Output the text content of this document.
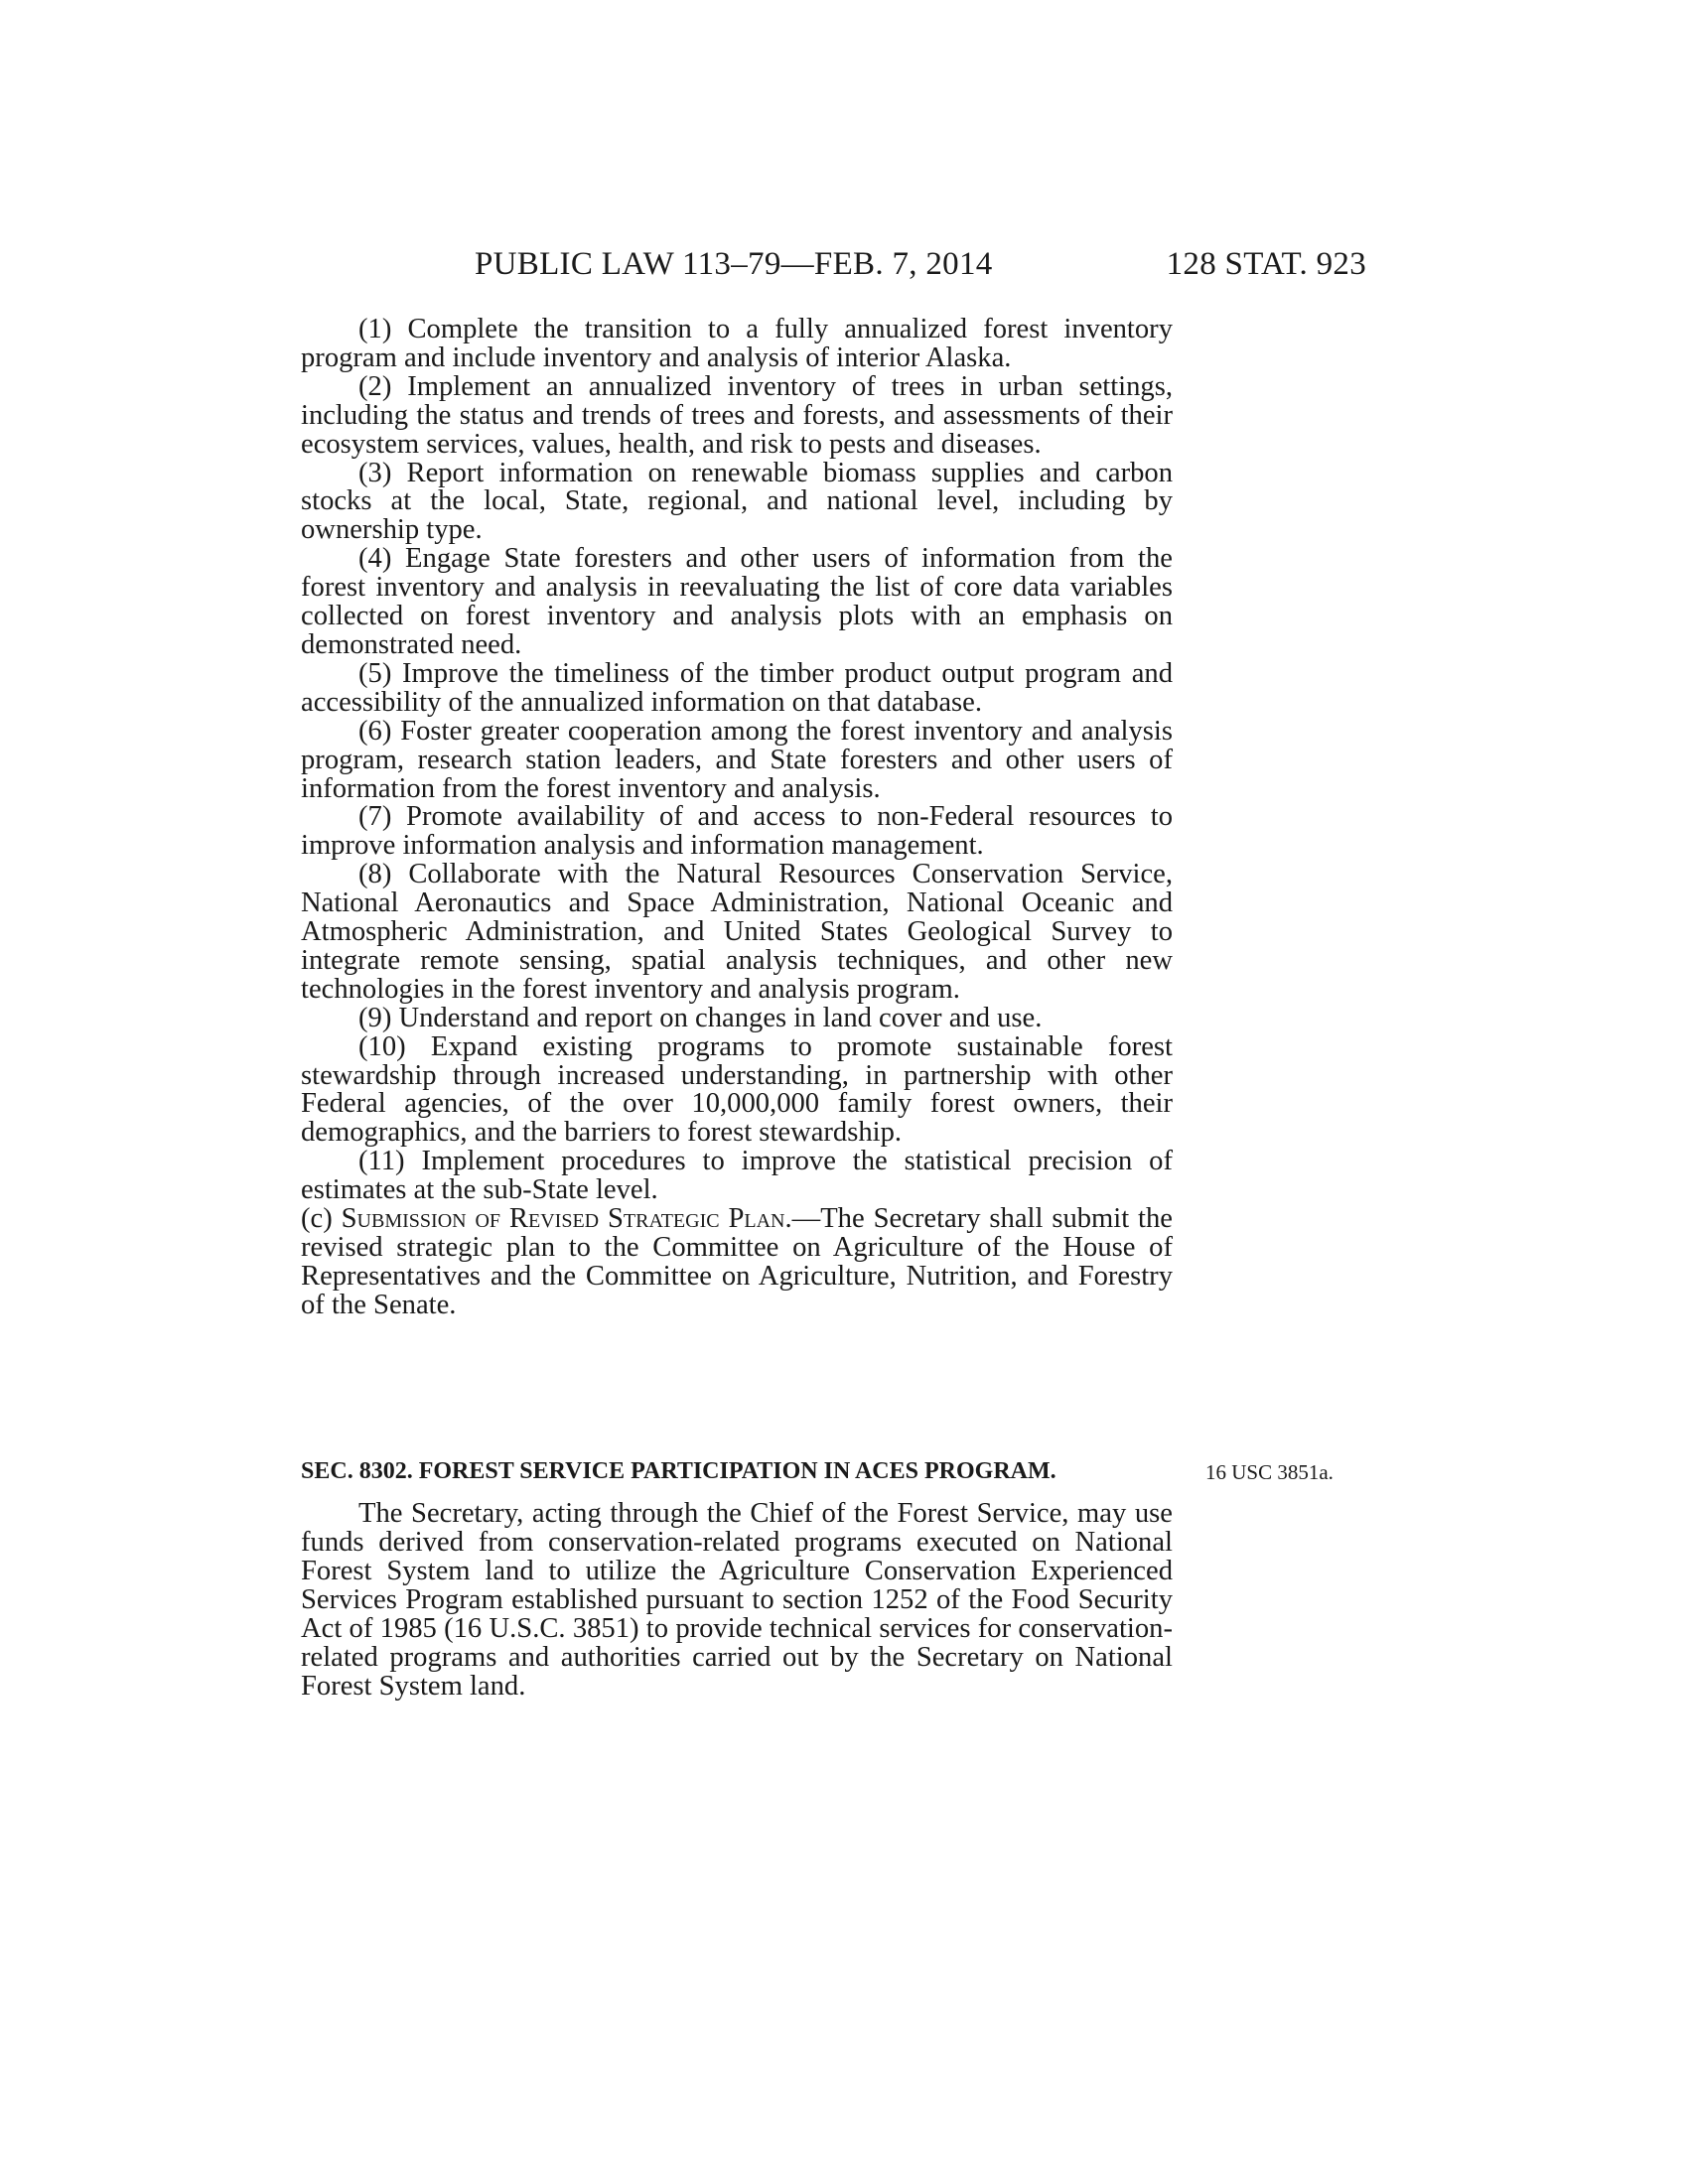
PUBLIC LAW 113–79—FEB. 7, 2014	128 STAT. 923

(1) Complete the transition to a fully annualized forest inventory program and include inventory and analysis of interior Alaska.

(2) Implement an annualized inventory of trees in urban settings, including the status and trends of trees and forests, and assessments of their ecosystem services, values, health, and risk to pests and diseases.

(3) Report information on renewable biomass supplies and carbon stocks at the local, State, regional, and national level, including by ownership type.

(4) Engage State foresters and other users of information from the forest inventory and analysis in reevaluating the list of core data variables collected on forest inventory and analysis plots with an emphasis on demonstrated need.

(5) Improve the timeliness of the timber product output program and accessibility of the annualized information on that database.

(6) Foster greater cooperation among the forest inventory and analysis program, research station leaders, and State foresters and other users of information from the forest inventory and analysis.

(7) Promote availability of and access to non-Federal resources to improve information analysis and information management.

(8) Collaborate with the Natural Resources Conservation Service, National Aeronautics and Space Administration, National Oceanic and Atmospheric Administration, and United States Geological Survey to integrate remote sensing, spatial analysis techniques, and other new technologies in the forest inventory and analysis program.

(9) Understand and report on changes in land cover and use.

(10) Expand existing programs to promote sustainable forest stewardship through increased understanding, in partnership with other Federal agencies, of the over 10,000,000 family forest owners, their demographics, and the barriers to forest stewardship.

(11) Implement procedures to improve the statistical precision of estimates at the sub-State level.

(c) Submission of Revised Strategic Plan.—The Secretary shall submit the revised strategic plan to the Committee on Agriculture of the House of Representatives and the Committee on Agriculture, Nutrition, and Forestry of the Senate.

SEC. 8302. FOREST SERVICE PARTICIPATION IN ACES PROGRAM.	16 USC 3851a.

The Secretary, acting through the Chief of the Forest Service, may use funds derived from conservation-related programs executed on National Forest System land to utilize the Agriculture Conservation Experienced Services Program established pursuant to section 1252 of the Food Security Act of 1985 (16 U.S.C. 3851) to provide technical services for conservation-related programs and authorities carried out by the Secretary on National Forest System land.
